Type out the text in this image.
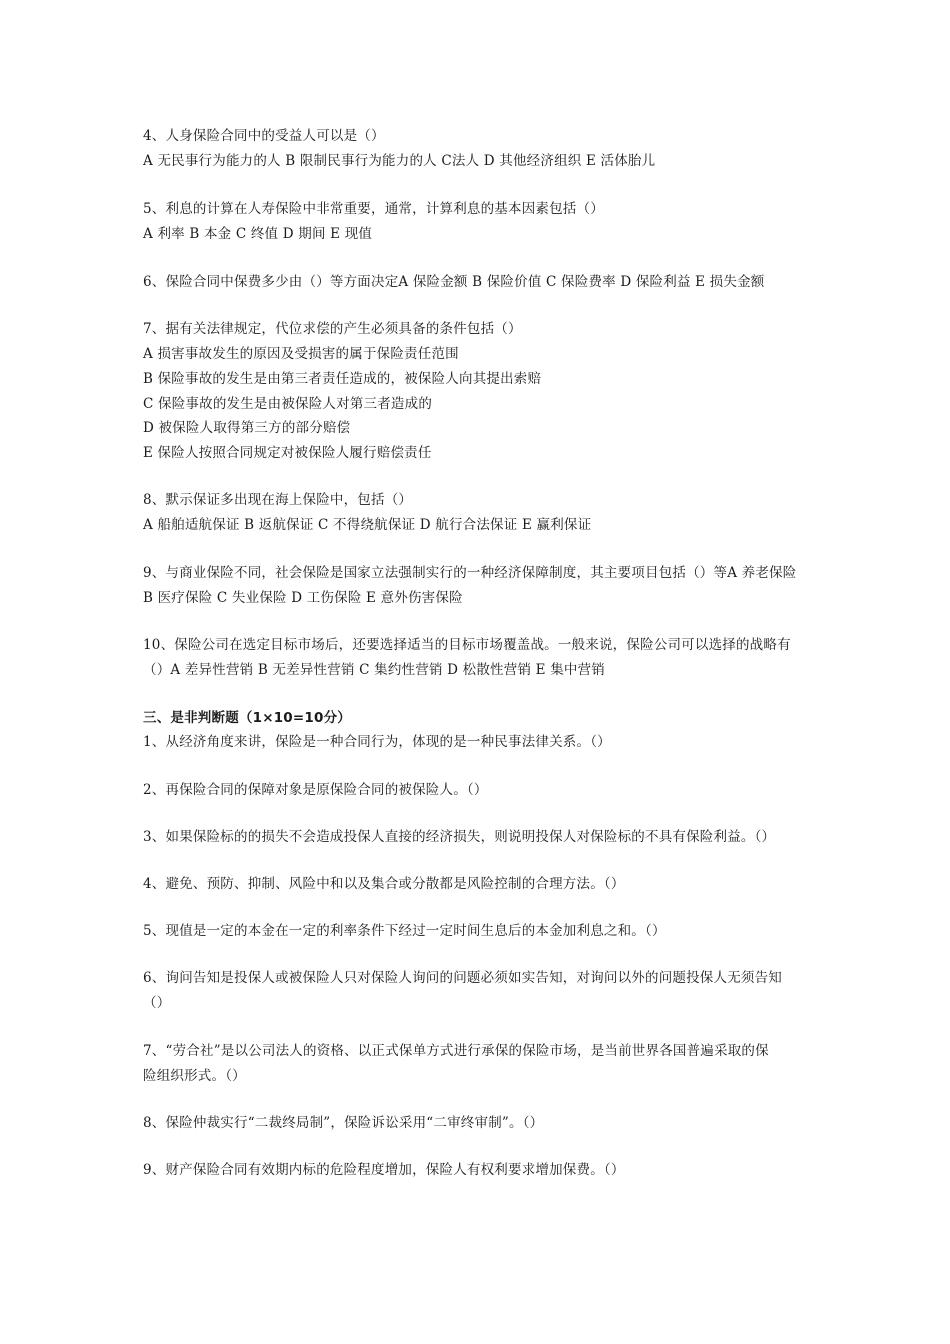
4、人身保险合同中的受益人可以是（）
A 无民事行为能力的人 B 限制民事行为能力的人 C法人 D 其他经济组织 E 活体胎儿
5、利息的计算在人寿保险中非常重要，通常，计算利息的基本因素包括（）
A 利率 B 本金 C 终值 D 期间 E 现值
6、保险合同中保费多少由（）等方面决定A 保险金额 B 保险价值 C 保险费率 D 保险利益 E 损失金额
7、据有关法律规定，代位求偿的产生必须具备的条件包括（）
A 损害事故发生的原因及受损害的属于保险责任范围
B 保险事故的发生是由第三者责任造成的，被保险人向其提出索赔
C 保险事故的发生是由被保险人对第三者造成的
D 被保险人取得第三方的部分赔偿
E 保险人按照合同规定对被保险人履行赔偿责任
8、默示保证多出现在海上保险中，包括（）
A 船舶适航保证 B 返航保证 C 不得绕航保证 D 航行合法保证 E 赢利保证
9、与商业保险不同，社会保险是国家立法强制实行的一种经济保障制度，其主要项目包括（）等A 养老保险
B 医疗保险 C 失业保险 D 工伤保险 E 意外伤害保险
10、保险公司在选定目标市场后，还要选择适当的目标市场覆盖战。一般来说，保险公司可以选择的战略有
（）A 差异性营销 B 无差异性营销 C 集约性营销 D 松散性营销 E 集中营销
三、是非判断题（1×10=10分）
1、从经济角度来讲，保险是一种合同行为，体现的是一种民事法律关系。（）
2、再保险合同的保障对象是原保险合同的被保险人。（）
3、如果保险标的的损失不会造成投保人直接的经济损失，则说明投保人对保险标的不具有保险利益。（）
4、避免、预防、抑制、风险中和以及集合或分散都是风险控制的合理方法。（）
5、现值是一定的本金在一定的利率条件下经过一定时间生息后的本金加利息之和。（）
6、询问告知是投保人或被保险人只对保险人询问的问题必须如实告知，对询问以外的问题投保人无须告知
（）
7、“劳合社”是以公司法人的资格、以正式保单方式进行承保的保险市场，是当前世界各国普遍采取的保
险组织形式。（）
8、保险仲裁实行“二裁终局制”，保险诉讼采用“二审终审制”。（）
9、财产保险合同有效期内标的危险程度增加，保险人有权利要求增加保费。（）
